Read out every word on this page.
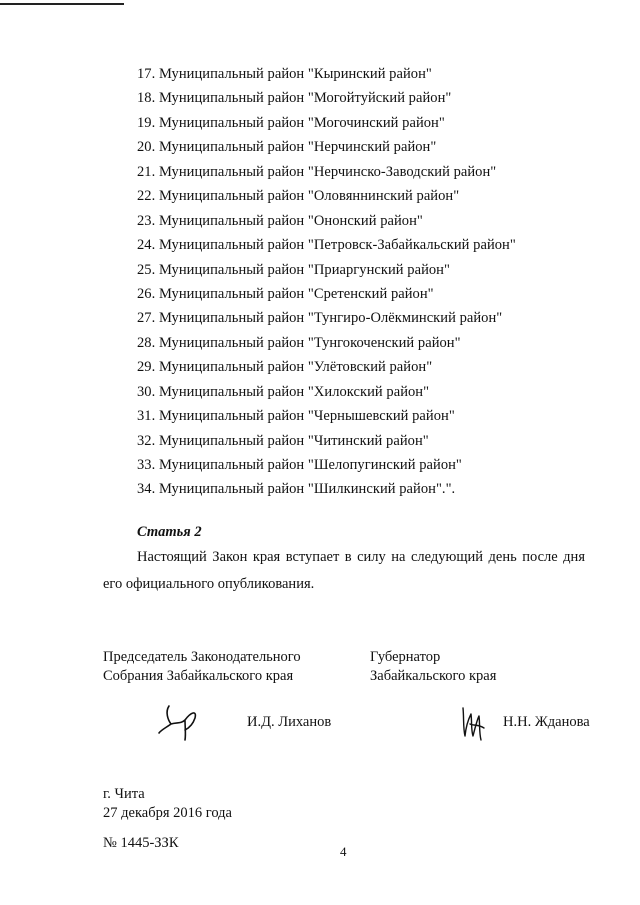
17. Муниципальный район "Кыринский район"
18. Муниципальный район "Могойтуйский район"
19. Муниципальный район "Могочинский район"
20. Муниципальный район "Нерчинский район"
21. Муниципальный район "Нерчинско-Заводский район"
22. Муниципальный район "Оловяннинский район"
23. Муниципальный район "Ононский район"
24. Муниципальный район "Петровск-Забайкальский район"
25. Муниципальный район "Приаргунский район"
26. Муниципальный район "Сретенский район"
27. Муниципальный район "Тунгиро-Олёкминский район"
28. Муниципальный район "Тунгокоченский район"
29. Муниципальный район "Улётовский район"
30. Муниципальный район "Хилокский район"
31. Муниципальный район "Чернышевский район"
32. Муниципальный район "Читинский район"
33. Муниципальный район "Шелопугинский район"
34. Муниципальный район "Шилкинский район".".
Статья 2

Настоящий Закон края вступает в силу на следующий день после дня его официального опубликования.

Председатель Законодательного
Собрания Забайкальского края
Губернатор
Забайкальского края
И.Д. Лиханов	Н.Н. Жданова
г. Чита
27 декабря 2016 года
№ 1445-ЗЗК
4
